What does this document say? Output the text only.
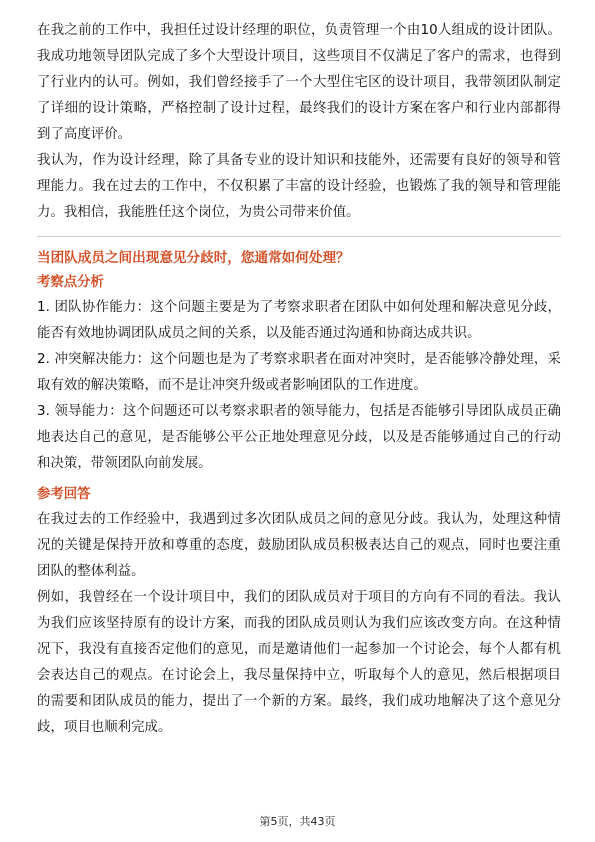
在我之前的工作中，我担任过设计经理的职位，负责管理一个由10人组成的设计团队。我成功地领导团队完成了多个大型设计项目，这些项目不仅满足了客户的需求，也得到了行业内的认可。例如，我们曾经接手了一个大型住宅区的设计项目，我带领团队制定了详细的设计策略，严格控制了设计过程，最终我们的设计方案在客户和行业内部都得到了高度评价。

我认为，作为设计经理，除了具备专业的设计知识和技能外，还需要有良好的领导和管理能力。我在过去的工作中，不仅积累了丰富的设计经验，也锻炼了我的领导和管理能力。我相信，我能胜任这个岗位，为贵公司带来价值。

当团队成员之间出现意见分歧时，您通常如何处理？

考察点分析

1. 团队协作能力：这个问题主要是为了考察求职者在团队中如何处理和解决意见分歧，能否有效地协调团队成员之间的关系，以及能否通过沟通和协商达成共识。

2. 冲突解决能力：这个问题也是为了考察求职者在面对冲突时，是否能够冷静处理，采取有效的解决策略，而不是让冲突升级或者影响团队的工作进度。

3. 领导能力：这个问题还可以考察求职者的领导能力，包括是否能够引导团队成员正确地表达自己的意见，是否能够公平公正地处理意见分歧，以及是否能够通过自己的行动和决策，带领团队向前发展。

参考回答

在我过去的工作经验中，我遇到过多次团队成员之间的意见分歧。我认为，处理这种情况的关键是保持开放和尊重的态度，鼓励团队成员积极表达自己的观点，同时也要注重团队的整体利益。

例如，我曾经在一个设计项目中，我们的团队成员对于项目的方向有不同的看法。我认为我们应该坚持原有的设计方案，而我的团队成员则认为我们应该改变方向。在这种情况下，我没有直接否定他们的意见，而是邀请他们一起参加一个讨论会，每个人都有机会表达自己的观点。在讨论会上，我尽量保持中立，听取每个人的意见，然后根据项目的需要和团队成员的能力，提出了一个新的方案。最终，我们成功地解决了这个意见分歧，项目也顺利完成。

第5页，共43页
